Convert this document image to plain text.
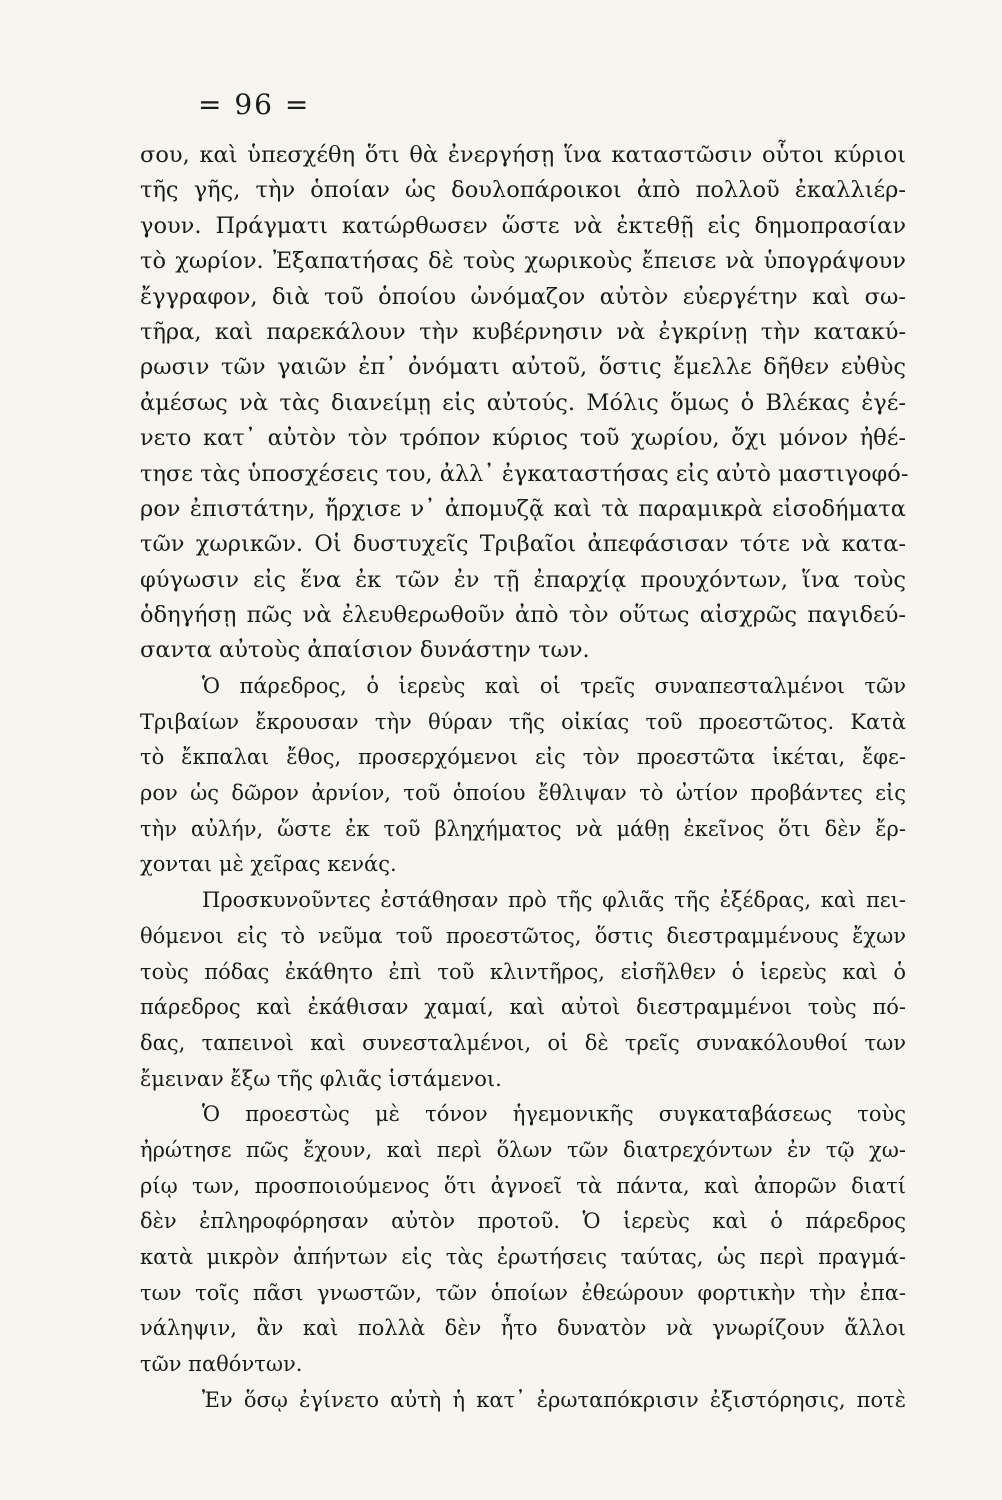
= 96 =
σου, καὶ ὑπεσχέθη ὅτι θὰ ἐνεργήσῃ ἵνα καταστῶσιν οὗτοι κύριοι
τῆς γῆς, τὴν ὁποίαν ὡς δουλοπάροικοι ἀπὸ πολλοῦ ἐκαλλιέρ-
γουν. Πράγματι κατώρθωσεν ὥστε νὰ ἐκτεθῇ εἰς δημοπρασίαν
τὸ χωρίον. Ἐξαπατήσας δὲ τοὺς χωρικοὺς ἔπεισε νὰ ὑπογράψουν
ἔγγραφον, διὰ τοῦ ὁποίου ὠνόμαζον αὐτὸν εὐεργέτην καὶ σω-
τῆρα, καὶ παρεκάλουν τὴν κυβέρνησιν νὰ ἐγκρίνῃ τὴν κατακύ-
ρωσιν τῶν γαιῶν ἐπ᾽ ὀνόματι αὐτοῦ, ὅστις ἔμελλε δῆθεν εὐθὺς
ἀμέσως νὰ τὰς διανείμῃ εἰς αὐτούς. Μόλις ὅμως ὁ Βλέκας ἐγέ-
νετο κατ᾽ αὐτὸν τὸν τρόπον κύριος τοῦ χωρίου, ὄχι μόνον ἠθέ-
τησε τὰς ὑποσχέσεις του, ἀλλ᾽ ἐγκαταστήσας εἰς αὐτὸ μαστιγοφό-
ρον ἐπιστάτην, ἤρχισε ν᾽ ἀπομυζᾷ καὶ τὰ παραμικρὰ εἰσοδήματα
τῶν χωρικῶν. Οἱ δυστυχεῖς Τριβαῖοι ἀπεφάσισαν τότε νὰ κατα-
φύγωσιν εἰς ἕνα ἐκ τῶν ἐν τῇ ἐπαρχίᾳ προυχόντων, ἵνα τοὺς
ὁδηγήσῃ πῶς νὰ ἐλευθερωθοῦν ἀπὸ τὸν οὕτως αἰσχρῶς παγιδεύ-
σαντα αὐτοὺς ἀπαίσιον δυνάστην των.
Ὁ πάρεδρος, ὁ ἱερεὺς καὶ οἱ τρεῖς συναπεσταλμένοι τῶν
Τριβαίων ἔκρουσαν τὴν θύραν τῆς οἰκίας τοῦ προεστῶτος. Κατὰ
τὸ ἔκπαλαι ἔθος, προσερχόμενοι εἰς τὸν προεστῶτα ἱκέται, ἔφε-
ρον ὡς δῶρον ἀρνίον, τοῦ ὁποίου ἔθλιψαν τὸ ὠτίον προβάντες εἰς
τὴν αὐλήν, ὥστε ἐκ τοῦ βληχήματος νὰ μάθῃ ἐκεῖνος ὅτι δὲν ἔρ-
χονται μὲ χεῖρας κενάς.
Προσκυνοῦντες ἐστάθησαν πρὸ τῆς φλιᾶς τῆς ἐξέδρας, καὶ πει-
θόμενοι εἰς τὸ νεῦμα τοῦ προεστῶτος, ὅστις διεστραμμένους ἔχων
τοὺς πόδας ἐκάθητο ἐπὶ τοῦ κλιντῆρος, εἰσῆλθεν ὁ ἱερεὺς καὶ ὁ
πάρεδρος καὶ ἐκάθισαν χαμαί, καὶ αὐτοὶ διεστραμμένοι τοὺς πό-
δας, ταπεινοὶ καὶ συνεσταλμένοι, οἱ δὲ τρεῖς συνακόλουθοί των
ἔμειναν ἔξω τῆς φλιᾶς ἱστάμενοι.
Ὁ προεστὼς μὲ τόνον ἡγεμονικῆς συγκαταβάσεως τοὺς
ἠρώτησε πῶς ἔχουν, καὶ περὶ ὅλων τῶν διατρεχόντων ἐν τῷ χω-
ρίῳ των, προσποιούμενος ὅτι ἀγνοεῖ τὰ πάντα, καὶ ἀπορῶν διατί
δὲν ἐπληροφόρησαν αὐτὸν προτοῦ. Ὁ ἱερεὺς καὶ ὁ πάρεδρος
κατὰ μικρὸν ἀπήντων εἰς τὰς ἐρωτήσεις ταύτας, ὡς περὶ πραγμά-
των τοῖς πᾶσι γνωστῶν, τῶν ὁποίων ἐθεώρουν φορτικὴν τὴν ἐπα-
νάληψιν, ἂν καὶ πολλὰ δὲν ἦτο δυνατὸν νὰ γνωρίζουν ἄλλοι
τῶν παθόντων.
Ἐν ὅσῳ ἐγίνετο αὐτὴ ἡ κατ᾽ ἐρωταπόκρισιν ἐξιστόρησις, ποτὲ
